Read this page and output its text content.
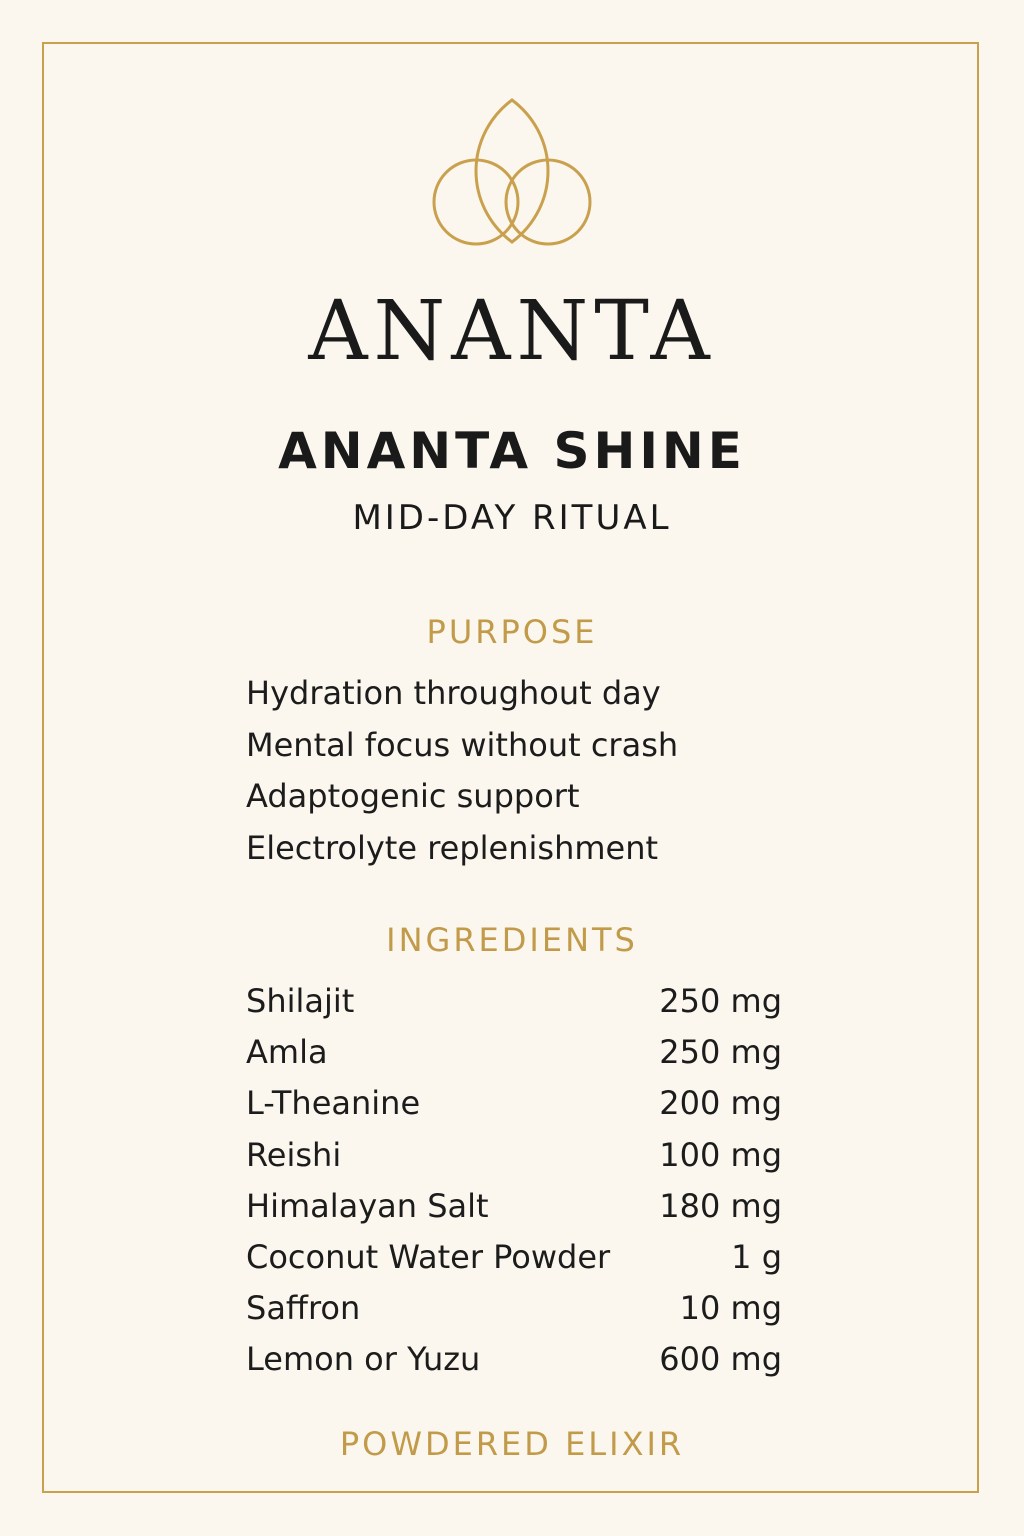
ANANTA
ANANTA SHINE
MID-DAY RITUAL
PURPOSE
Hydration throughout day
Mental focus without crash
Adaptogenic support
Electrolyte replenishment
INGREDIENTS
Shilajit	250 mg
Amla	250 mg
L-Theanine	200 mg
Reishi	100 mg
Himalayan Salt	180 mg
Coconut Water Powder	1 g
Saffron	10 mg
Lemon or Yuzu	600 mg
POWDERED ELIXIR
